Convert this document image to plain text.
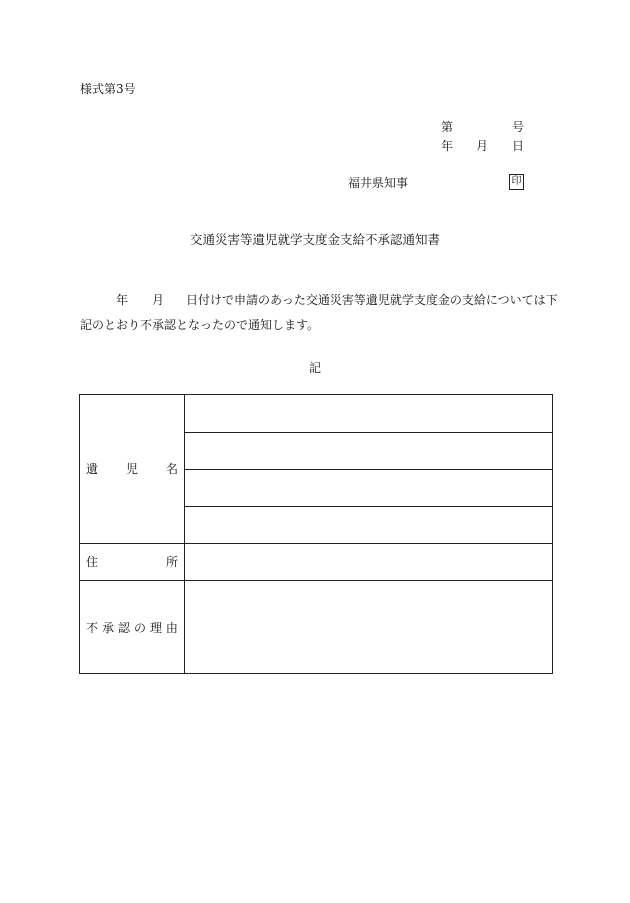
様式第3号
第	号
年 月 日
福井県知事	印
交通災害等遺児就学支度金支給不承認通知書
年 月 日付けで申請のあった交通災害等遺児就学支度金の支給については下
記のとおり不承認となったので通知します。
記
遺 児 名
住	所
不 承 認 の 理 由
